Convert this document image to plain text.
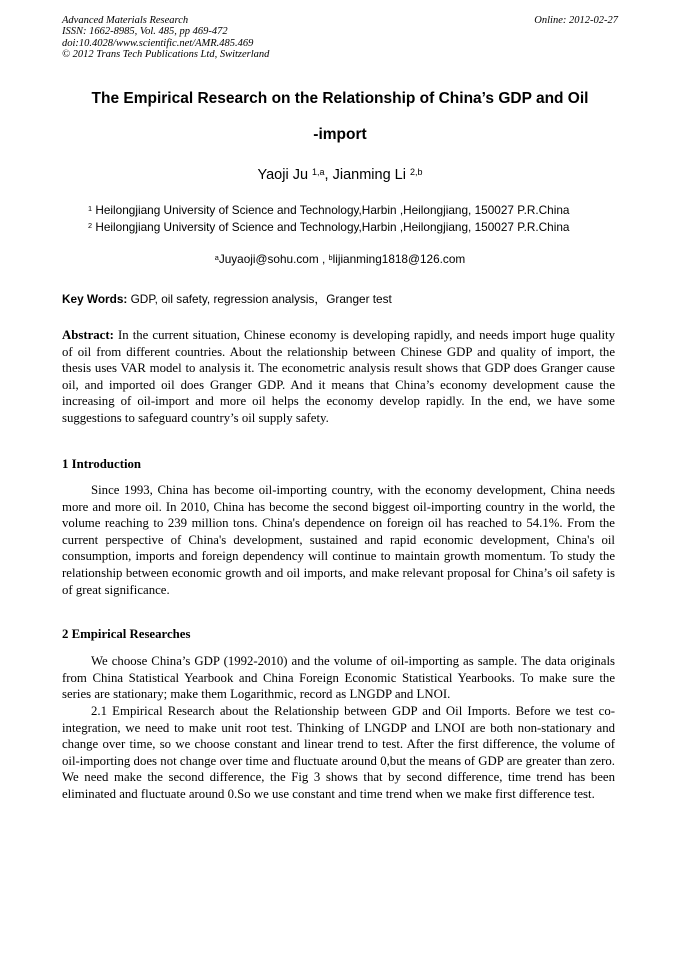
Advanced Materials Research
ISSN: 1662-8985, Vol. 485, pp 469-472
doi:10.4028/www.scientific.net/AMR.485.469
© 2012 Trans Tech Publications Ltd, Switzerland
Online: 2012-02-27
The Empirical Research on the Relationship of China’s GDP and Oil
-import
Yaoji Ju $^{1,a}$, Jianming Li $^{2,b}$
$^1$ Heilongjiang University of Science and Technology,Harbin ,Heilongjiang, 150027 P.R.China
$^2$ Heilongjiang University of Science and Technology,Harbin ,Heilongjiang, 150027 P.R.China
$^a$Juyaoji@sohu.com , $^b$lijianming1818@126.com
Key Words: GDP, oil safety, regression analysis，Granger test
Abstract: In the current situation, Chinese economy is developing rapidly, and needs import huge quality of oil from different countries. About the relationship between Chinese GDP and quality of import, the thesis uses VAR model to analysis it. The econometric analysis result shows that GDP does Granger cause oil, and imported oil does Granger GDP. And it means that China’s economy development cause the increasing of oil-import and more oil helps the economy develop rapidly. In the end, we have some suggestions to safeguard country’s oil supply safety.
1 Introduction
Since 1993, China has become oil-importing country, with the economy development, China needs more and more oil. In 2010, China has become the second biggest oil-importing country in the world, the volume reaching to 239 million tons. China's dependence on foreign oil has reached to 54.1%. From the current perspective of China's development, sustained and rapid economic development, China's oil consumption, imports and foreign dependency will continue to maintain growth momentum. To study the relationship between economic growth and oil imports, and make relevant proposal for China’s oil safety is of great significance.
2 Empirical Researches
We choose China’s GDP (1992-2010) and the volume of oil-importing as sample. The data originals from China Statistical Yearbook and China Foreign Economic Statistical Yearbooks. To make sure the series are stationary; make them Logarithmic, record as LNGDP and LNOI.
2.1 Empirical Research about the Relationship between GDP and Oil Imports. Before we test co-integration, we need to make unit root test. Thinking of LNGDP and LNOI are both non-stationary and change over time, so we choose constant and linear trend to test. After the first difference, the volume of oil-importing does not change over time and fluctuate around 0,but the means of GDP are greater than zero. We need make the second difference, the Fig 3 shows that by second difference, time trend has been eliminated and fluctuate around 0.So we use constant and time trend when we make first difference test.
